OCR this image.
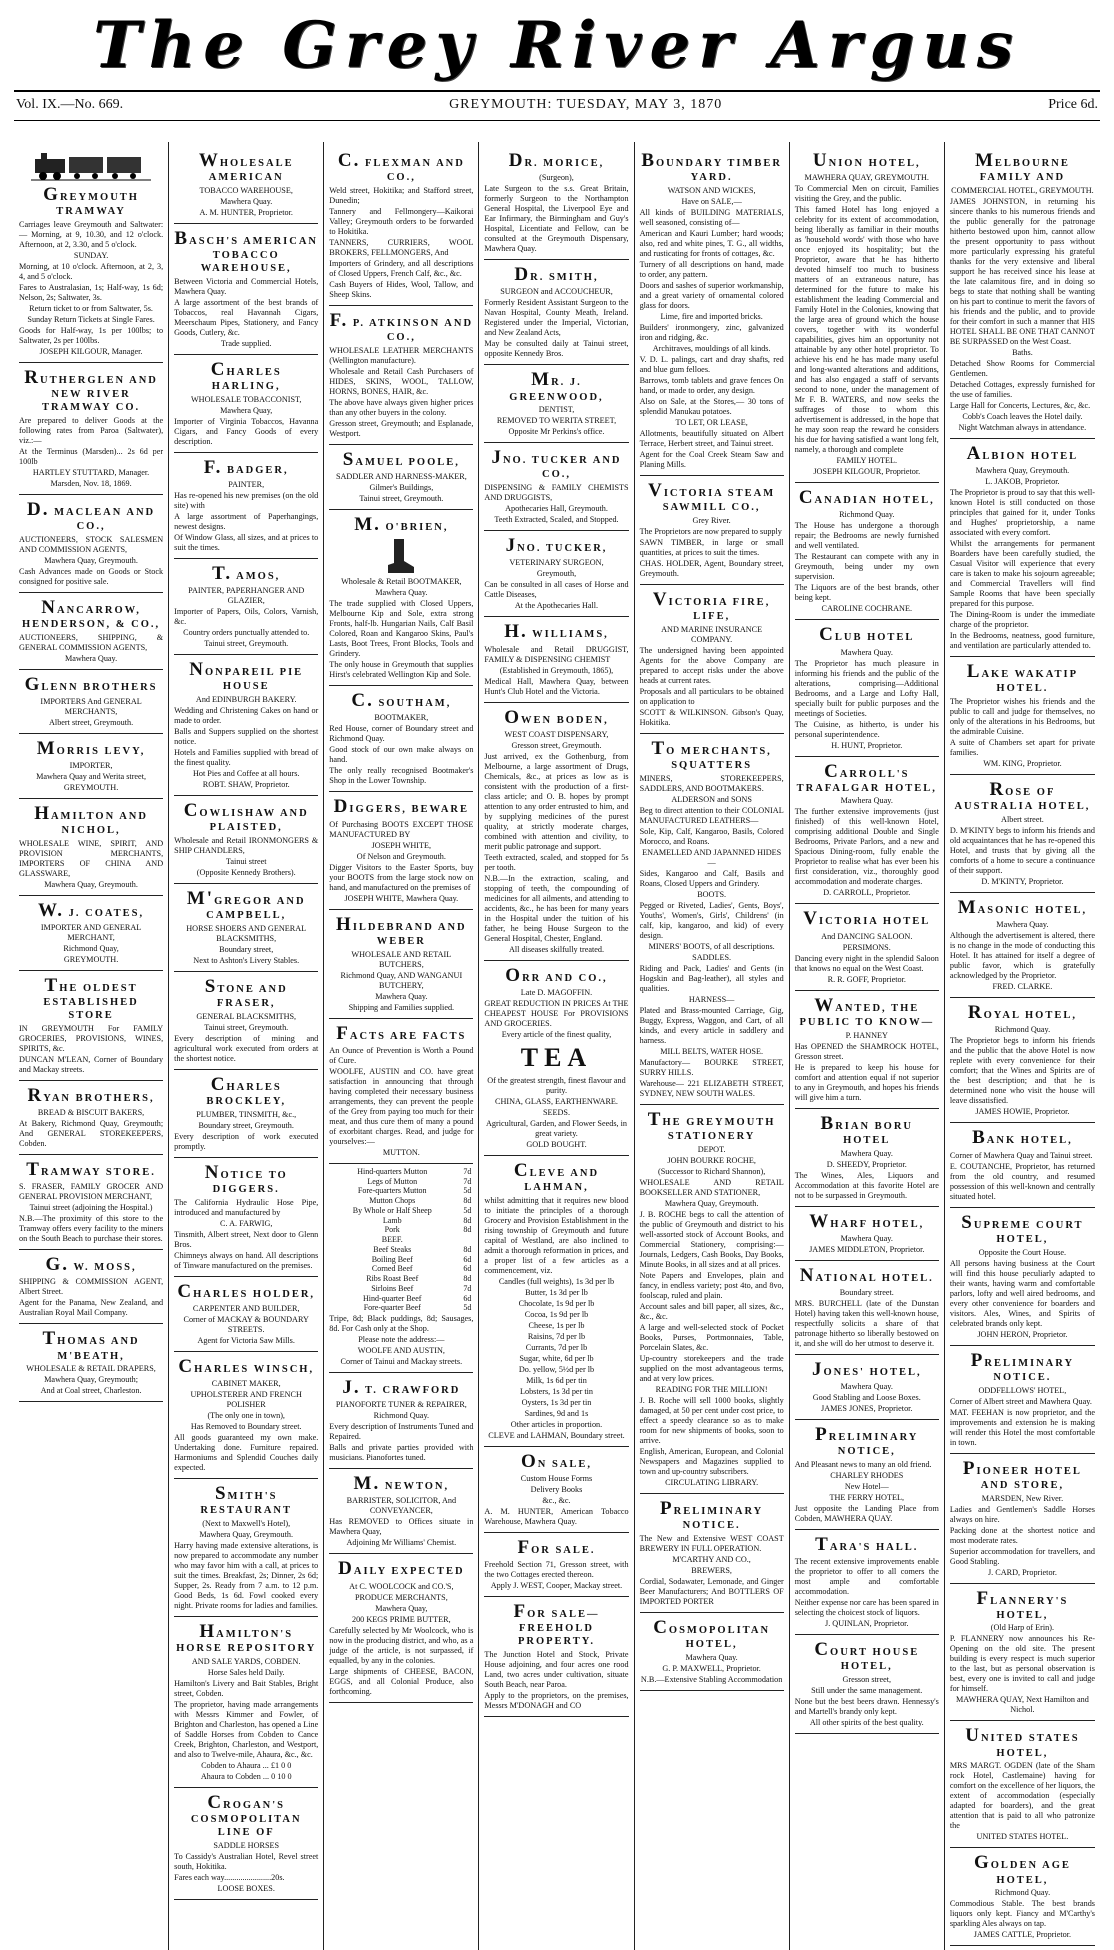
The Grey River Argus
Vol. IX.—No. 669.	GREYMOUTH: TUESDAY, MAY 3, 1870	Price 6d.
GREYMOUTH TRAMWAY

Carriages leave Greymouth and Saltwater:— Morning, at 9, 10.30, and 12 o'clock. Afternoon, at 2, 3.30, and 5 o'clock.

SUNDAY.

Morning, at 10 o'clock. Afternoon, at 2, 3, 4, and 5 o'clock.

Fares to Australasian, 1s; Half-way, 1s 6d; Nelson, 2s; Saltwater, 3s.

Return ticket to or from Saltwater, 5s.

Sunday Return Tickets at Single Fares.

Goods for Half-way, 1s per 100lbs; to Saltwater, 2s per 100lbs.

JOSEPH KILGOUR, Manager.

RUTHERGLEN AND NEW RIVER TRAMWAY CO.

Are prepared to deliver Goods at the following rates from Paroa (Saltwater), viz.:—

At the Terminus (Marsden)... 2s 6d per 100lb

HARTLEY STUTTARD, Manager.

Marsden, Nov. 18, 1869.

D. MACLEAN AND CO.,

AUCTIONEERS, STOCK SALESMEN AND COMMISSION AGENTS,

Mawhera Quay, Greymouth.

Cash Advances made on Goods or Stock consigned for positive sale.

NANCARROW, HENDERSON, & CO.,

AUCTIONEERS, SHIPPING, & GENERAL COMMISSION AGENTS,

Mawhera Quay.

GLENN BROTHERS

IMPORTERS And GENERAL MERCHANTS,

Albert street, Greymouth.

MORRIS LEVY,

IMPORTER,

Mawhera Quay and Werita street,

GREYMOUTH.

HAMILTON AND NICHOL,

WHOLESALE WINE, SPIRIT, AND PROVISION MERCHANTS, IMPORTERS OF CHINA AND GLASSWARE,

Mawhera Quay, Greymouth.

W. J. COATES,

IMPORTER AND GENERAL MERCHANT,

Richmond Quay,

GREYMOUTH.

THE OLDEST ESTABLISHED STORE

IN GREYMOUTH For FAMILY GROCERIES, PROVISIONS, WINES, SPIRITS, &c.

DUNCAN M'LEAN, Corner of Boundary and Mackay streets.

RYAN BROTHERS,

BREAD & BISCUIT BAKERS,

At Bakery, Richmond Quay, Greymouth; And GENERAL STOREKEEPERS, Cobden.

TRAMWAY STORE.

S. FRASER, FAMILY GROCER AND GENERAL PROVISION MERCHANT,

Tainui street (adjoining the Hospital.)

N.B.—The proximity of this store to the Tramway offers every facility to the miners on the South Beach to purchase their stores.

G. W. MOSS,

SHIPPING & COMMISSION AGENT, Albert Street.

Agent for the Panama, New Zealand, and Australian Royal Mail Company.

THOMAS AND M'BEATH,

WHOLESALE & RETAIL DRAPERS,

Mawhera Quay, Greymouth;

And at Coal street, Charleston.

WHOLESALE AMERICAN

TOBACCO WAREHOUSE,

Mawhera Quay.

A. M. HUNTER, Proprietor.

BASCH'S AMERICAN TOBACCO WAREHOUSE,

Between Victoria and Commercial Hotels, Mawhera Quay.

A large assortment of the best brands of Tobaccos, real Havannah Cigars, Meerschaum Pipes, Stationery, and Fancy Goods, Cutlery, &c.

Trade supplied.

CHARLES HARLING,

WHOLESALE TOBACCONIST,

Mawhera Quay,

Importer of Virginia Tobaccos, Havanna Cigars, and Fancy Goods of every description.

F. BADGER,

PAINTER,

Has re-opened his new premises (on the old site) with

A large assortment of Paperhangings, newest designs.

Of Window Glass, all sizes, and at prices to suit the times.

T. AMOS,

PAINTER, PAPERHANGER AND GLAZIER,

Importer of Papers, Oils, Colors, Varnish, &c.

Country orders punctually attended to.

Tainui street, Greymouth.

NONPAREIL PIE HOUSE

And EDINBURGH BAKERY.

Wedding and Christening Cakes on hand or made to order.

Balls and Suppers supplied on the shortest notice.

Hotels and Families supplied with bread of the finest quality.

Hot Pies and Coffee at all hours.

ROBT. SHAW, Proprietor.

COWLISHAW AND PLAISTED,

Wholesale and Retail IRONMONGERS & SHIP CHANDLERS,

Tainui street

(Opposite Kennedy Brothers).

M'GREGOR AND CAMPBELL,

HORSE SHOERS AND GENERAL BLACKSMITHS,

Boundary street,

Next to Ashton's Livery Stables.

STONE AND FRASER,

GENERAL BLACKSMITHS,

Tainui street, Greymouth.

Every description of mining and agricultural work executed from orders at the shortest notice.

CHARLES BROCKLEY,

PLUMBER, TINSMITH, &c.,

Boundary street, Greymouth.

Every description of work executed promptly.

NOTICE TO DIGGERS.

The California Hydraulic Hose Pipe, introduced and manufactured by

C. A. FARWIG,

Tinsmith, Albert street, Next door to Glenn Bros.

Chimneys always on hand. All descriptions of Tinware manufactured on the premises.

CHARLES HOLDER,

CARPENTER AND BUILDER,

Corner of MACKAY & BOUNDARY STREETS.

Agent for Victoria Saw Mills.

CHARLES WINSCH,

CABINET MAKER,

UPHOLSTERER AND FRENCH POLISHER

(The only one in town),

Has Removed to Boundary street.

All goods guaranteed my own make. Undertaking done. Furniture repaired. Harmoniums and Splendid Couches daily expected.

SMITH'S RESTAURANT

(Next to Maxwell's Hotel),

Mawhera Quay, Greymouth.

Harry having made extensive alterations, is now prepared to accommodate any number who may favor him with a call, at prices to suit the times. Breakfast, 2s; Dinner, 2s 6d; Supper, 2s. Ready from 7 a.m. to 12 p.m. Good Beds, 1s 6d. Fowl cooked every night. Private rooms for ladies and families.

HAMILTON'S HORSE REPOSITORY

AND SALE YARDS, COBDEN.

Horse Sales held Daily.

Hamilton's Livery and Bait Stables, Bright street, Cobden.

The proprietor, having made arrangements with Messrs Kimmer and Fowler, of Brighton and Charleston, has opened a Line of Saddle Horses from Cobden to Cance Creek, Brighton, Charleston, and Westport, and also to Twelve-mile, Ahaura, &c., &c.

Cobden to Ahaura ... £1 0 0

Ahaura to Cobden ... 0 10 0

CROGAN'S COSMOPOLITAN LINE OF

SADDLE HORSES

To Cassidy's Australian Hotel, Revel street south, Hokitika.

Fares each way.......................20s.

LOOSE BOXES.

C. FLEXMAN AND CO.,

Weld street, Hokitika; and Stafford street, Dunedin;

Tannery and Fellmongery—Kaikorai Valley; Greymouth orders to be forwarded to Hokitika.

TANNERS, CURRIERS, WOOL BROKERS, FELLMONGERS, And

Importers of Grindery, and all descriptions of Closed Uppers, French Calf, &c., &c.

Cash Buyers of Hides, Wool, Tallow, and Sheep Skins.

F. P. ATKINSON AND CO.,

WHOLESALE LEATHER MERCHANTS (Wellington manufacture).

Wholesale and Retail Cash Purchasers of HIDES, SKINS, WOOL, TALLOW, HORNS, BONES, HAIR, &c.

The above have always given higher prices than any other buyers in the colony.

Gresson street, Greymouth; and Esplanade, Westport.

SAMUEL POOLE,

SADDLER AND HARNESS-MAKER,

Gilmer's Buildings,

Tainui street, Greymouth.

M. O'BRIEN,

Wholesale & Retail BOOTMAKER,

Mawhera Quay.

The trade supplied with Closed Uppers, Melbourne Kip and Sole, extra strong Fronts, half-lb. Hungarian Nails, Calf Basil Colored, Roan and Kangaroo Skins, Paul's Lasts, Boot Trees, Front Blocks, Tools and Grindery.

The only house in Greymouth that supplies Hirst's celebrated Wellington Kip and Sole.

C. SOUTHAM,

BOOTMAKER,

Red House, corner of Boundary street and Richmond Quay.

Good stock of our own make always on hand.

The only really recognised Bootmaker's Shop in the Lower Township.

DIGGERS, BEWARE

Of Purchasing BOOTS EXCEPT THOSE MANUFACTURED BY

JOSEPH WHITE,

Of Nelson and Greymouth.

Digger Visitors to the Easter Sports, buy your BOOTS from the large stock now on hand, and manufactured on the premises of

JOSEPH WHITE, Mawhera Quay.

HILDEBRAND AND WEBER

WHOLESALE AND RETAIL BUTCHERS,

Richmond Quay, AND WANGANUI BUTCHERY,

Mawhera Quay.

Shipping and Families supplied.

FACTS ARE FACTS

An Ounce of Prevention is Worth a Pound of Cure.

WOOLFE, AUSTIN and CO. have great satisfaction in announcing that through having completed their necessary business arrangements, they can prevent the people of the Grey from paying too much for their meat, and thus cure them of many a pound of exorbitant charges. Read, and judge for yourselves:—

MUTTON.

Hind-quarters Mutton	7d
Legs of Mutton	7d
Fore-quarters Mutton	5d
Mutton Chops	8d
By Whole or Half Sheep	5d
Lamb	8d
Pork	8d
BEEF.	
Beef Steaks	8d
Boiling Beef	6d
Corned Beef	6d
Ribs Roast Beef	8d
Sirloins Beef	7d
Hind-quarter Beef	6d
Fore-quarter Beef	5d

Tripe, 8d; Black puddings, 8d; Sausages, 8d. For Cash only at the Shop.

Please note the address:—

WOOLFE AND AUSTIN,

Corner of Tainui and Mackay streets.

J. T. CRAWFORD

PIANOFORTE TUNER & REPAIRER,

Richmond Quay.

Every description of Instruments Tuned and Repaired.

Balls and private parties provided with musicians. Pianofortes tuned.

M. NEWTON,

BARRISTER, SOLICITOR, And CONVEYANCER,

Has REMOVED to Offices situate in Mawhera Quay,

Adjoining Mr Williams' Chemist.

DAILY EXPECTED

At C. WOOLCOCK and CO.'S,

PRODUCE MERCHANTS,

Mawhera Quay,

200 KEGS PRIME BUTTER,

Carefully selected by Mr Woolcock, who is now in the producing district, and who, as a judge of the article, is not surpassed, if equalled, by any in the colonies.

Large shipments of CHEESE, BACON, EGGS, and all Colonial Produce, also forthcoming.

DR. MORICE,

(Surgeon),

Late Surgeon to the s.s. Great Britain, formerly Surgeon to the Northampton General Hospital, the Liverpool Eye and Ear Infirmary, the Birmingham and Guy's Hospital, Licentiate and Fellow, can be consulted at the Greymouth Dispensary, Mawhera Quay.

DR. SMITH,

SURGEON and ACCOUCHEUR,

Formerly Resident Assistant Surgeon to the Navan Hospital, County Meath, Ireland. Registered under the Imperial, Victorian, and New Zealand Acts,

May be consulted daily at Tainui street, opposite Kennedy Bros.

MR. J. GREENWOOD,

DENTIST,

REMOVED TO WERITA STREET,

Opposite Mr Perkins's office.

JNO. TUCKER AND CO.,

DISPENSING & FAMILY CHEMISTS AND DRUGGISTS,

Apothecaries Hall, Greymouth.

Teeth Extracted, Scaled, and Stopped.

JNO. TUCKER,

VETERINARY SURGEON,

Greymouth,

Can be consulted in all cases of Horse and Cattle Diseases,

At the Apothecaries Hall.

H. WILLIAMS,

Wholesale and Retail DRUGGIST, FAMILY & DISPENSING CHEMIST

(Established in Greymouth, 1865),

Medical Hall, Mawhera Quay, between Hunt's Club Hotel and the Victoria.

OWEN BODEN,

WEST COAST DISPENSARY,

Gresson street, Greymouth.

Just arrived, ex the Gothenburg, from Melbourne, a large assortment of Drugs, Chemicals, &c., at prices as low as is consistent with the production of a first-class article; and O. B. hopes by prompt attention to any order entrusted to him, and by supplying medicines of the purest quality, at strictly moderate charges, combined with attention and civility, to merit public patronage and support.

Teeth extracted, scaled, and stopped for 5s per tooth.

N.B.—In the extraction, scaling, and stopping of teeth, the compounding of medicines for all ailments, and attending to accidents, &c., he has been for many years in the Hospital under the tuition of his father, he being House Surgeon to the General Hospital, Chester, England.

All diseases skilfully treated.

ORR AND CO.,

Late D. MAGOFFIN.

GREAT REDUCTION IN PRICES At THE CHEAPEST HOUSE For PROVISIONS AND GROCERIES.

Every article of the finest quality,

TEA

Of the greatest strength, finest flavour and purity.

CHINA, GLASS, EARTHENWARE.

SEEDS.

Agricultural, Garden, and Flower Seeds, in great variety.

GOLD BOUGHT.

CLEVE AND LAHMAN,

whilst admitting that it requires new blood to initiate the principles of a thorough Grocery and Provision Establishment in the rising township of Greymouth and future capital of Westland, are also inclined to admit a thorough reformation in prices, and a proper list of a few articles as a commencement, viz.

Candles (full weights), 1s 3d per lb

Butter, 1s 3d per lb

Chocolate, 1s 9d per lb

Cocoa, 1s 9d per lb

Cheese, 1s per lb

Raisins, 7d per lb

Currants, 7d per lb

Sugar, white, 6d per lb

Do. yellow, 5½d per lb

Milk, 1s 6d per tin

Lobsters, 1s 3d per tin

Oysters, 1s 3d per tin

Sardines, 9d and 1s

Other articles in proportion.

CLEVE and LAHMAN, Boundary street.

ON SALE,

Custom House Forms

Delivery Books

&c., &c.

A. M. HUNTER, American Tobacco Warehouse, Mawhera Quay.

FOR SALE.

Freehold Section 71, Gresson street, with the two Cottages erected thereon.

Apply J. WEST, Cooper, Mackay street.

FOR SALE—FREEHOLD PROPERTY.

The Junction Hotel and Stock, Private House adjoining, and four acres one rood Land, two acres under cultivation, situate South Beach, near Paroa.

Apply to the proprietors, on the premises, Messrs M'DONAGH and CO

BOUNDARY TIMBER YARD.

WATSON AND WICKES,

Have on SALE,—

All kinds of BUILDING MATERIALS, well seasoned, consisting of—

American and Kauri Lumber; hard woods; also, red and white pines, T. G., all widths, and rusticating for fronts of cottages, &c.

Turnery of all descriptions on hand, made to order, any pattern.

Doors and sashes of superior workmanship, and a great variety of ornamental colored glass for doors.

Lime, fire and imported bricks.

Builders' ironmongery, zinc, galvanized iron and ridging, &c.

Architraves, mouldings of all kinds.

V. D. L. palings, cart and dray shafts, red and blue gum felloes.

Barrows, tomb tablets and grave fences On hand, or made to order, any design.

Also on Sale, at the Stores,— 30 tons of splendid Manukau potatoes.

TO LET, OR LEASE,

Allotments, beautifully situated on Albert Terrace, Herbert street, and Tainui street.

Agent for the Coal Creek Steam Saw and Planing Mills.

VICTORIA STEAM SAWMILL CO.,

Grey River.

The Proprietors are now prepared to supply

SAWN TIMBER, in large or small quantities, at prices to suit the times.

CHAS. HOLDER, Agent, Boundary street, Greymouth.

VICTORIA FIRE, LIFE,

AND MARINE INSURANCE COMPANY.

The undersigned having been appointed Agents for the above Company are prepared to accept risks under the above heads at current rates.

Proposals and all particulars to be obtained on application to

SCOTT & WILKINSON. Gibson's Quay, Hokitika.

TO MERCHANTS, SQUATTERS

MINERS, STOREKEEPERS, SADDLERS, AND BOOTMAKERS.

ALDERSON and SONS

Beg to direct attention to their COLONIAL MANUFACTURED LEATHERS—

Sole, Kip, Calf, Kangaroo, Basils, Colored Morocco, and Roans.

ENAMELLED AND JAPANNED HIDES—

Sides, Kangaroo and Calf, Basils and Roans, Closed Uppers and Grindery.

BOOTS.

Pegged or Riveted, Ladies', Gents, Boys', Youths', Women's, Girls', Childrens' (in calf, kip, kangaroo, and kid) of every design.

MINERS' BOOTS, of all descriptions.

SADDLES.

Riding and Pack, Ladies' and Gents (in Hogskin and Bag-leather), all styles and qualities.

HARNESS—

Plated and Brass-mounted Carriage, Gig, Buggy, Express, Waggon, and Cart, of all kinds, and every article in saddlery and harness.

MILL BELTS, WATER HOSE.

Manufactory— BOURKE STREET, SURRY HILLS.

Warehouse— 221 ELIZABETH STREET, SYDNEY, NEW SOUTH WALES.

THE GREYMOUTH STATIONERY

DEPOT.

JOHN BOURKE ROCHE,

(Successor to Richard Shannon),

WHOLESALE AND RETAIL BOOKSELLER AND STATIONER,

Mawhera Quay, Greymouth.

J. B. ROCHE begs to call the attention of the public of Greymouth and district to his well-assorted stock of Account Books, and Commercial Stationery, comprising:— Journals, Ledgers, Cash Books, Day Books, Minute Books, in all sizes and at all prices.

Note Papers and Envelopes, plain and fancy, in endless variety; post 4to, and 8vo, foolscap, ruled and plain.

Account sales and bill paper, all sizes, &c., &c., &c.

A large and well-selected stock of Pocket Books, Purses, Portmonnaies, Table, Porcelain Slates, &c.

Up-country storekeepers and the trade supplied on the most advantageous terms, and at very low prices.

READING FOR THE MILLION!

J. B. Roche will sell 1000 books, slightly damaged, at 50 per cent under cost price, to effect a speedy clearance so as to make room for new shipments of books, soon to arrive.

English, American, European, and Colonial Newspapers and Magazines supplied to town and up-country subscribers.

CIRCULATING LIBRARY.

PRELIMINARY NOTICE.

The New and Extensive WEST COAST BREWERY IN FULL OPERATION.

M'CARTHY AND CO.,

BREWERS,

Cordial, Sodawater, Lemonade, and Ginger Beer Manufacturers; And BOTTLERS OF IMPORTED PORTER

COSMOPOLITAN HOTEL,

Mawhera Quay.

G. P. MAXWELL, Proprietor.

N.B.—Extensive Stabling Accommodation

UNION HOTEL,

MAWHERA QUAY, GREYMOUTH.

To Commercial Men on circuit, Families visiting the Grey, and the public.

This famed Hotel has long enjoyed a celebrity for its extent of accommodation, being liberally as familiar in their mouths as 'household words' with those who have once enjoyed its hospitality; but the Proprietor, aware that he has hitherto devoted himself too much to business matters of an extraneous nature, has determined for the future to make his establishment the leading Commercial and Family Hotel in the Colonies, knowing that the large area of ground which the house covers, together with its wonderful capabilities, gives him an opportunity not attainable by any other hotel proprietor. To achieve his end he has made many useful and long-wanted alterations and additions, and has also engaged a staff of servants second to none, under the management of Mr F. B. WATERS, and now seeks the suffrages of those to whom this advertisement is addressed, in the hope that he may soon reap the reward he considers his due for having satisfied a want long felt, namely, a thorough and complete

FAMILY HOTEL.

JOSEPH KILGOUR, Proprietor.

CANADIAN HOTEL,

Richmond Quay.

The House has undergone a thorough repair; the Bedrooms are newly furnished and well ventilated.

The Restaurant can compete with any in Greymouth, being under my own supervision.

The Liquors are of the best brands, other being kept.

CAROLINE COCHRANE.

CLUB HOTEL

Mawhera Quay.

The Proprietor has much pleasure in informing his friends and the public of the alterations, comprising—Additional Bedrooms, and a Large and Lofty Hall, specially built for public purposes and the meetings of Societies.

The Cuisine, as hitherto, is under his personal superintendence.

H. HUNT, Proprietor.

CARROLL'S TRAFALGAR HOTEL,

Mawhera Quay.

The further extensive improvements (just finished) of this well-known Hotel, comprising additional Double and Single Bedrooms, Private Parlors, and a new and Spacious Dining-room, fully enable the Proprietor to realise what has ever been his first consideration, viz., thoroughly good accommodation and moderate charges.

D. CARROLL, Proprietor.

VICTORIA HOTEL

And DANCING SALOON.

PERSIMONS.

Dancing every night in the splendid Saloon that knows no equal on the West Coast.

R. R. GOFF, Proprietor.

WANTED, THE PUBLIC TO KNOW—

P. HANNEY

Has OPENED the SHAMROCK HOTEL, Gresson street.

He is prepared to keep his house for comfort and attention equal if not superior to any in Greymouth, and hopes his friends will give him a turn.

BRIAN BORU HOTEL

Mawhera Quay.

D. SHEEDY, Proprietor.

The Wines, Ales, Liquors and Accommodation at this favorite Hotel are not to be surpassed in Greymouth.

WHARF HOTEL,

Mawhera Quay.

JAMES MIDDLETON, Proprietor.

NATIONAL HOTEL.

Boundary street.

MRS. BURCHELL (late of the Dunstan Hotel) having taken this well-known house, respectfully solicits a share of that patronage hitherto so liberally bestowed on it, and she will do her utmost to deserve it.

JONES' HOTEL,

Mawhera Quay.

Good Stabling and Loose Boxes.

JAMES JONES, Proprietor.

PRELIMINARY NOTICE,

And Pleasant news to many an old friend.

CHARLEY RHODES

New Hotel—

THE FERRY HOTEL,

Just opposite the Landing Place from Cobden, MAWHERA QUAY.

TARA'S HALL.

The recent extensive improvements enable the proprietor to offer to all comers the most ample and comfortable accommodation.

Neither expense nor care has been spared in selecting the choicest stock of liquors.

J. QUINLAN, Proprietor.

COURT HOUSE HOTEL,

Gresson street,

Still under the same management.

None but the best beers drawn. Hennessy's and Martell's brandy only kept.

All other spirits of the best quality.

MELBOURNE FAMILY AND

COMMERCIAL HOTEL, GREYMOUTH.

JAMES JOHNSTON, in returning his sincere thanks to his numerous friends and the public generally for the patronage hitherto bestowed upon him, cannot allow the present opportunity to pass without more particularly expressing his grateful thanks for the very extensive and liberal support he has received since his lease at the late calamitous fire, and in doing so begs to state that nothing shall be wanting on his part to continue to merit the favors of his friends and the public, and to provide for their comfort in such a manner that HIS HOTEL SHALL BE ONE THAT CANNOT BE SURPASSED on the West Coast.

Baths.

Detached Show Rooms for Commercial Gentlemen.

Detached Cottages, expressly furnished for the use of families.

Large Hall for Concerts, Lectures, &c, &c.

Cobb's Coach leaves the Hotel daily.

Night Watchman always in attendance.

ALBION HOTEL

Mawhera Quay, Greymouth.

L. JAKOB, Proprietor.

The Proprietor is proud to say that this well-known Hotel is still conducted on those principles that gained for it, under Tonks and Hughes' proprietorship, a name associated with every comfort.

Whilst the arrangements for permanent Boarders have been carefully studied, the Casual Visitor will experience that every care is taken to make his sojourn agreeable; and Commercial Travellers will find Sample Rooms that have been specially prepared for this purpose.

The Dining-Room is under the immediate charge of the proprietor.

In the Bedrooms, neatness, good furniture, and ventilation are particularly attended to.

LAKE WAKATIP HOTEL.

The Proprietor wishes his friends and the public to call and judge for themselves, no only of the alterations in his Bedrooms, but the admirable Cuisine.

A suite of Chambers set apart for private families.

WM. KING, Proprietor.

ROSE OF AUSTRALIA HOTEL,

Albert street.

D. M'KINTY begs to inform his friends and old acquaintances that he has re-opened this Hotel, and trusts that by giving all the comforts of a home to secure a continuance of their support.

D. M'KINTY, Proprietor.

MASONIC HOTEL,

Mawhera Quay.

Although the advertisement is altered, there is no change in the mode of conducting this Hotel. It has attained for itself a degree of public favor, which is gratefully acknowledged by the Proprietor.

FRED. CLARKE.

ROYAL HOTEL,

Richmond Quay.

The Proprietor begs to inform his friends and the public that the above Hotel is now replete with every convenience for their comfort; that the Wines and Spirits are of the best description; and that he is determined none who visit the house will leave dissatisfied.

JAMES HOWIE, Proprietor.

BANK HOTEL,

Corner of Mawhera Quay and Tainui street.

E. COUTANCHE, Proprietor, has returned from the old country, and resumed possession of this well-known and centrally situated hotel.

SUPREME COURT HOTEL,

Opposite the Court House.

All persons having business at the Court will find this house peculiarly adapted to their wants, having warm and comfortable parlors, lofty and well aired bedrooms, and every other convenience for boarders and visitors. Ales, Wines, and Spirits of celebrated brands only kept.

JOHN HERON, Proprietor.

PRELIMINARY NOTICE.

ODDFELLOWS' HOTEL,

Corner of Albert street and Mawhera Quay.

MAT. FEEHAN is now proprietor, and the improvements and extension he is making will render this Hotel the most comfortable in town.

PIONEER HOTEL AND STORE,

MARSDEN, New River.

Ladies and Gentlemen's Saddle Horses always on hire.

Packing done at the shortest notice and most moderate rates.

Superior accommodation for travellers, and Good Stabling.

J. CARD, Proprietor.

FLANNERY'S HOTEL,

(Old Harp of Erin).

P. FLANNERY now announces his Re-Opening on the old site. The present building is every respect is much superior to the last, but as personal observation is best, every one is invited to call and judge for himself.

MAWHERA QUAY, Next Hamilton and Nichol.

UNITED STATES HOTEL,

MRS MARGT. OGDEN (late of the Sham rock Hotel, Castlemaine) having for comfort on the excellence of her liquors, the extent of accommodation (especially adapted for boarders), and the great attention that is paid to all who patronize the

UNITED STATES HOTEL.

GOLDEN AGE HOTEL,

Richmond Quay.

Commodious Stable. The best brands liquors only kept. Fiancy and M'Carthy's sparkling Ales always on tap.

JAMES CATTLE, Proprietor.
